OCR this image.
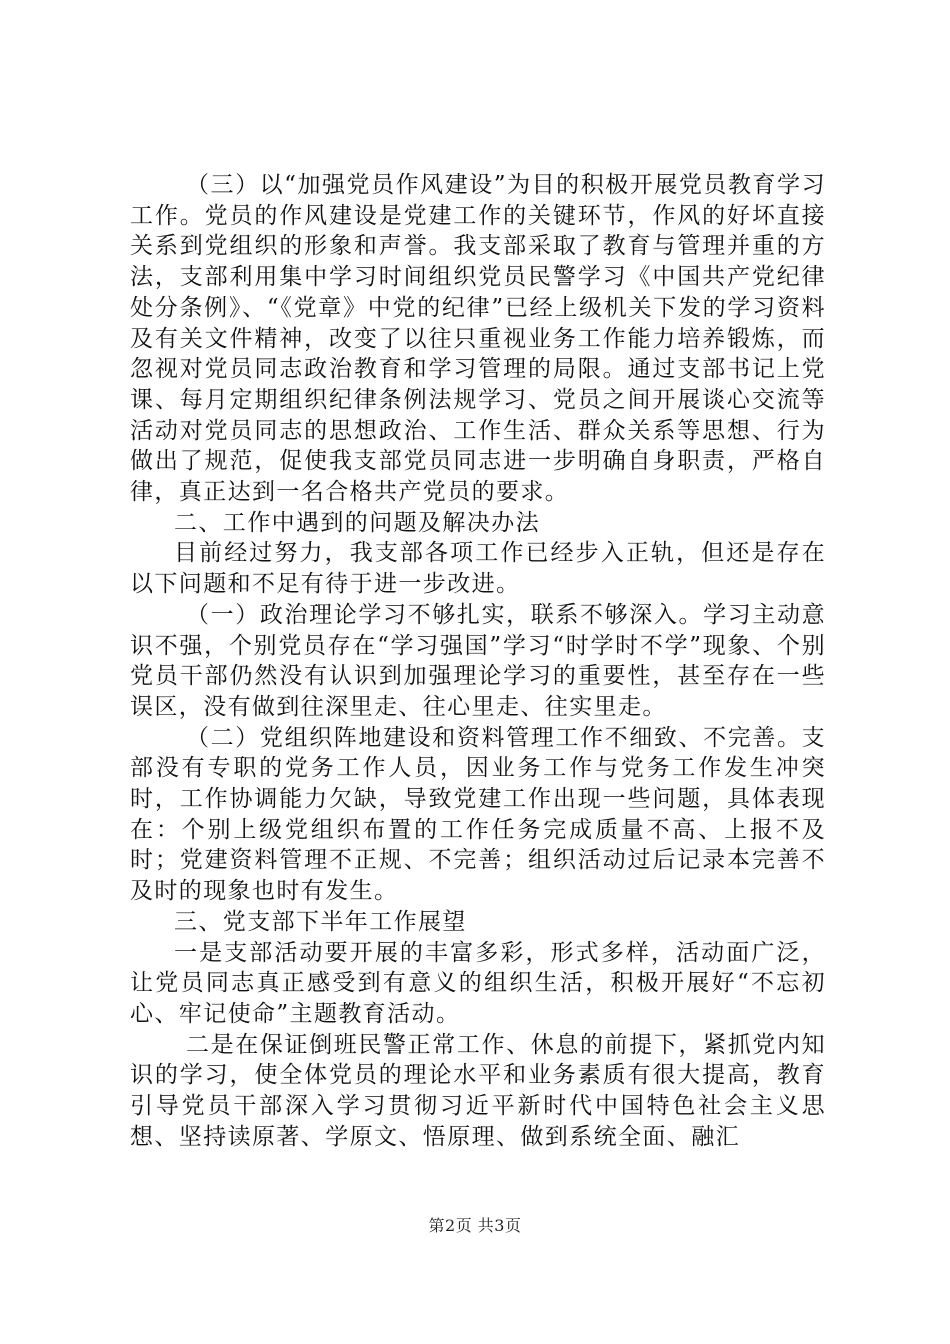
（三）以“加强党员作风建设”为目的积极开展党员教育学习工作。党员的作风建设是党建工作的关键环节，作风的好坏直接关系到党组织的形象和声誉。我支部采取了教育与管理并重的方法，支部利用集中学习时间组织党员民警学习《中国共产党纪律处分条例》、“《党章》中党的纪律”已经上级机关下发的学习资料及有关文件精神，改变了以往只重视业务工作能力培养锻炼，而忽视对党员同志政治教育和学习管理的局限。通过支部书记上党课、每月定期组织纪律条例法规学习、党员之间开展谈心交流等活动对党员同志的思想政治、工作生活、群众关系等思想、行为做出了规范，促使我支部党员同志进一步明确自身职责，严格自律，真正达到一名合格共产党员的要求。

二、工作中遇到的问题及解决办法

目前经过努力，我支部各项工作已经步入正轨，但还是存在以下问题和不足有待于进一步改进。

（一）政治理论学习不够扎实，联系不够深入。学习主动意识不强，个别党员存在“学习强国”学习“时学时不学”现象、个别党员干部仍然没有认识到加强理论学习的重要性，甚至存在一些误区，没有做到往深里走、往心里走、往实里走。

（二）党组织阵地建设和资料管理工作不细致、不完善。支部没有专职的党务工作人员，因业务工作与党务工作发生冲突时，工作协调能力欠缺，导致党建工作出现一些问题，具体表现在：个别上级党组织布置的工作任务完成质量不高、上报不及时；党建资料管理不正规、不完善；组织活动过后记录本完善不及时的现象也时有发生。

三、党支部下半年工作展望

一是支部活动要开展的丰富多彩，形式多样，活动面广泛，让党员同志真正感受到有意义的组织生活，积极开展好“不忘初心、牢记使命”主题教育活动。

二是在保证倒班民警正常工作、休息的前提下，紧抓党内知识的学习，使全体党员的理论水平和业务素质有很大提高，教育引导党员干部深入学习贯彻习近平新时代中国特色社会主义思想、坚持读原著、学原文、悟原理、做到系统全面、融汇

第2页 共3页
